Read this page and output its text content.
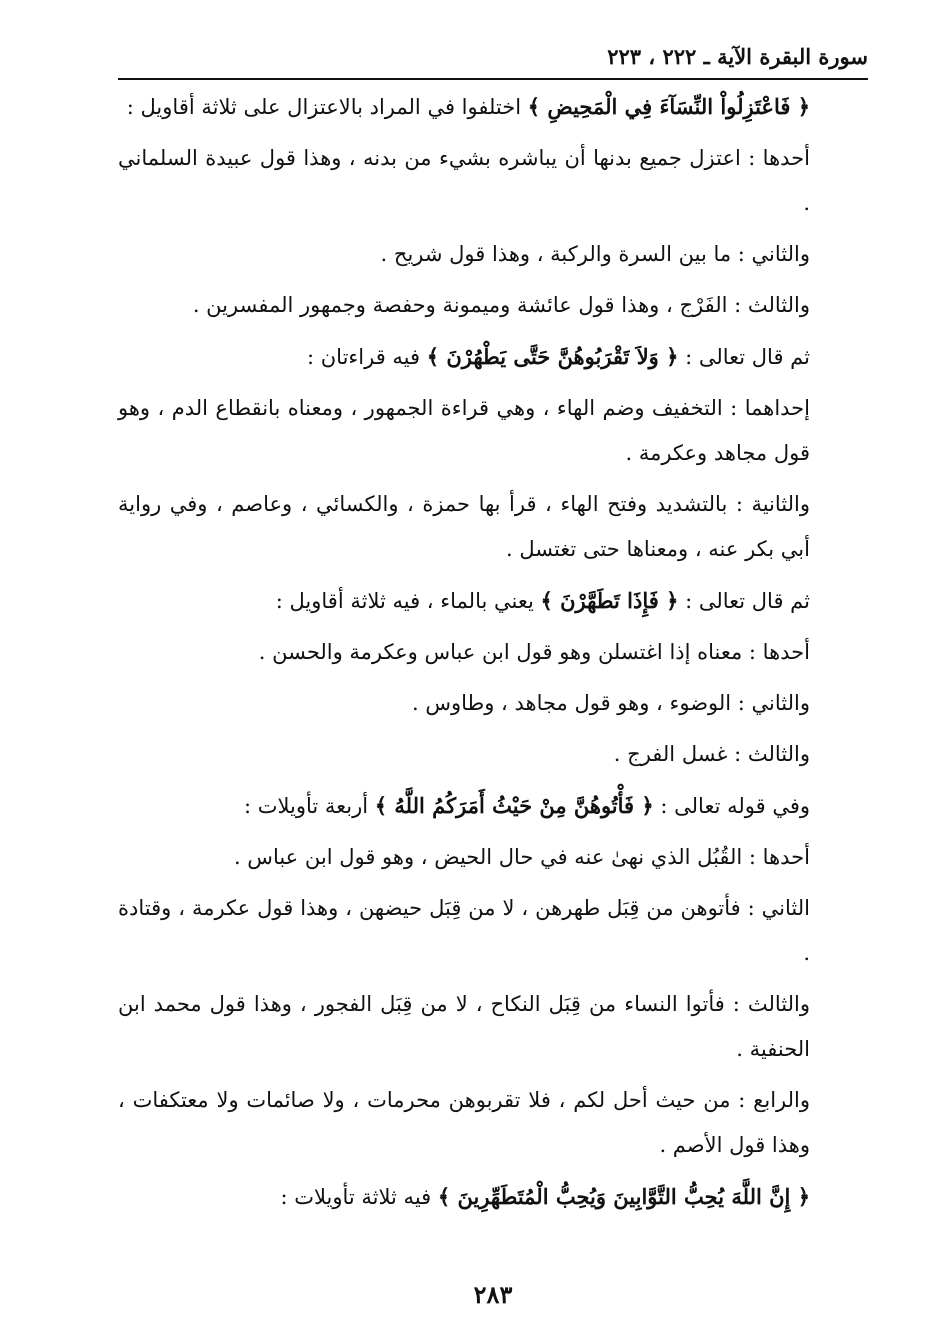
سورة البقرة الآية ـ ٢٢٢ ، ٢٢٣

﴿ فَاعْتَزِلُواْ النِّسَآءَ فِي الْمَحِيضِ ﴾ اختلفوا في المراد بالاعتزال على ثلاثة أقاويل :

أحدها : اعتزل جميع بدنها أن يباشره بشيء من بدنه ، وهذا قول عبيدة السلماني .

والثاني : ما بين السرة والركبة ، وهذا قول شريح .

والثالث : الفَرْج ، وهذا قول عائشة وميمونة وحفصة وجمهور المفسرين .

ثم قال تعالى : ﴿ وَلاَ تَقْرَبُوهُنَّ حَتَّى يَطْهُرْنَ ﴾ فيه قراءتان :

إحداهما : التخفيف وضم الهاء ، وهي قراءة الجمهور ، ومعناه بانقطاع الدم ، وهو قول مجاهد وعكرمة .

والثانية : بالتشديد وفتح الهاء ، قرأ بها حمزة ، والكسائي ، وعاصم ، وفي رواية أبي بكر عنه ، ومعناها حتى تغتسل .

ثم قال تعالى : ﴿ فَإِذَا تَطَهَّرْنَ ﴾ يعني بالماء ، فيه ثلاثة أقاويل :

أحدها : معناه إذا اغتسلن وهو قول ابن عباس وعكرمة والحسن .

والثاني : الوضوء ، وهو قول مجاهد ، وطاوس .

والثالث : غسل الفرج .

وفي قوله تعالى : ﴿ فَأْتُوهُنَّ مِنْ حَيْثُ أَمَرَكُمُ اللَّهُ ﴾ أربعة تأويلات :

أحدها : القُبُل الذي نهىٰ عنه في حال الحيض ، وهو قول ابن عباس .

الثاني : فأتوهن من قِبَل طهرهن ، لا من قِبَل حيضهن ، وهذا قول عكرمة ، وقتادة .

والثالث : فأتوا النساء من قِبَل النكاح ، لا من قِبَل الفجور ، وهذا قول محمد ابن الحنفية .

والرابع : من حيث أحل لكم ، فلا تقربوهن محرمات ، ولا صائمات ولا معتكفات ، وهذا قول الأصم .

﴿ إِنَّ اللَّهَ يُحِبُّ التَّوَّابِينَ وَيُحِبُّ الْمُتَطَهِّرِينَ ﴾ فيه ثلاثة تأويلات :

٢٨٣
